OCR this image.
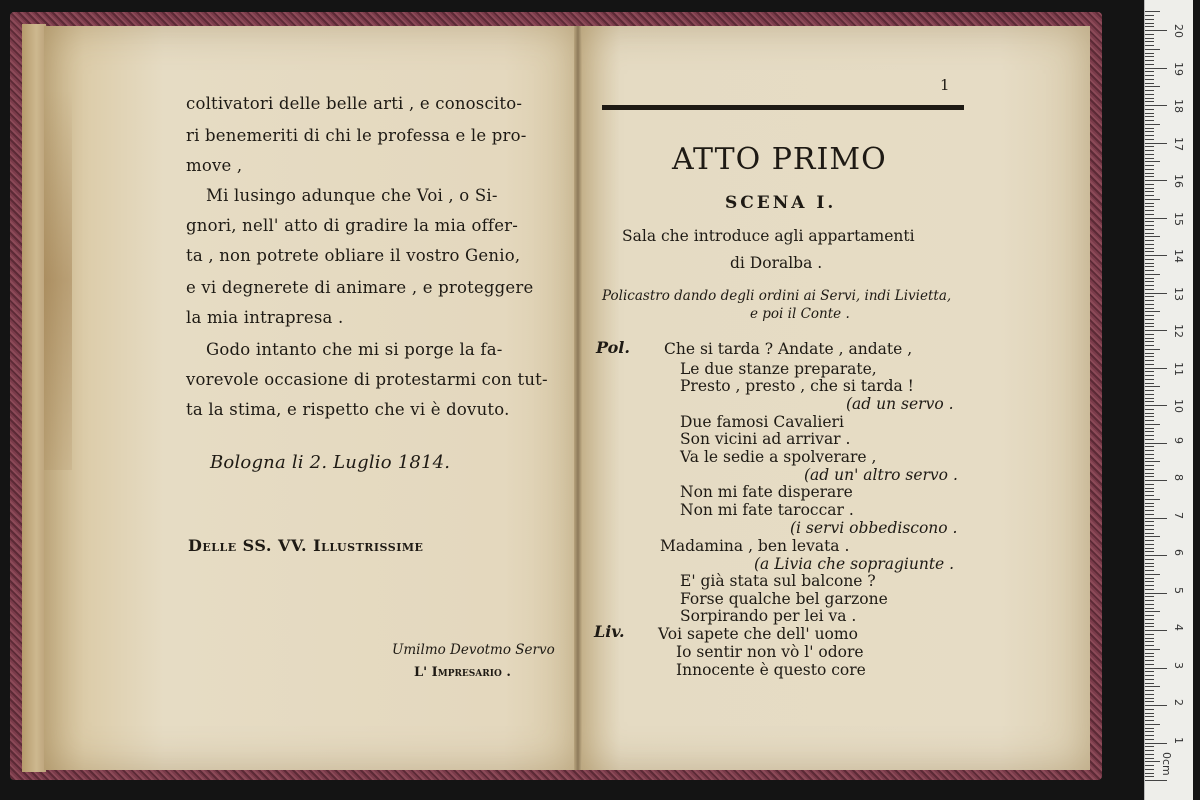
coltivatori delle belle arti , e conoscito-
ri benemeriti di chi le professa e le pro-
move ,
Mi lusingo adunque che Voi , o Si-
gnori, nell' atto di gradire la mia offer-
ta , non potrete obliare il vostro Genio,
e vi degnerete di animare , e proteggere
la mia intrapresa .
Godo intanto che mi si porge la fa-
vorevole occasione di protestarmi con tut-
ta la stima, e rispetto che vi è dovuto.
Bologna li 2. Luglio 1814.
Delle SS. VV. Illustrissime
Umilmo Devotmo Servo
L' Impresario .
1
ATTO PRIMO
SCENA I.
Sala che introduce agli appartamenti
di Doralba .
Policastro dando degli ordini ai Servi, indi Livietta,
e poi il Conte .
Pol.
Liv.
Che si tarda ? Andate , andate ,
Le due stanze preparate,
Presto , presto , che si tarda !
(ad un servo .
Due famosi Cavalieri
Son vicini ad arrivar .
Va le sedie a spolverare ,
(ad un' altro servo .
Non mi fate disperare
Non mi fate taroccar .
(i servi obbediscono .
Madamina , ben levata .
(a Livia che sopragiunte .
E' già stata sul balcone ?
Forse qualche bel garzone
Sorpirando per lei va .
Voi sapete che dell' uomo
Io sentir non vò l' odore
Innocente è questo core
0cm
1
2
3
4
5
6
7
8
9
10
11
12
13
14
15
16
17
18
19
20
